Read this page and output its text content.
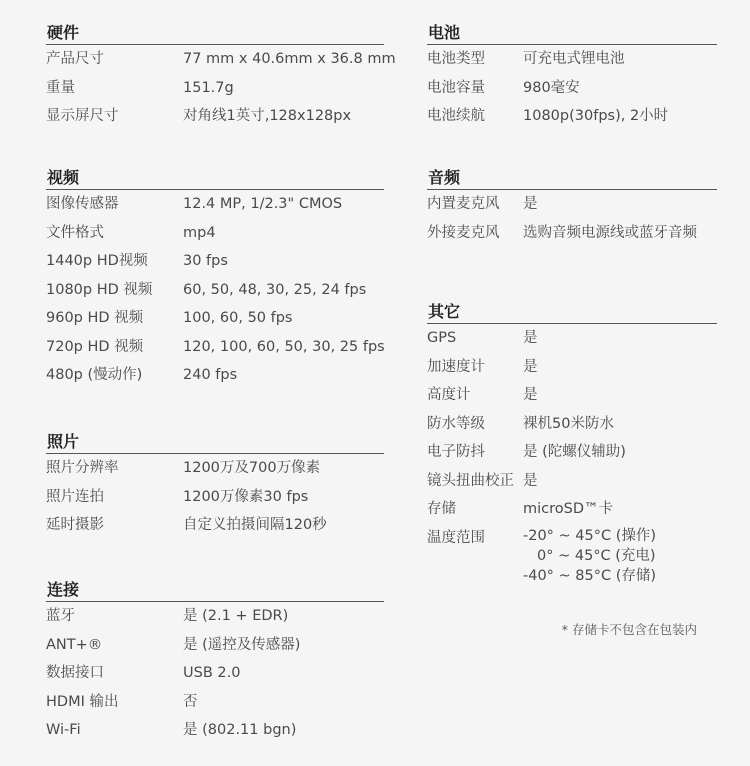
硬件
产品尺寸	77 mm x 40.6mm x 36.8 mm
重量	151.7g
显示屏尺寸	对角线1英寸,128x128px
视频
图像传感器	12.4 MP, 1/2.3" CMOS
文件格式	mp4
1440p HD视频	30 fps
1080p HD 视频	60, 50, 48, 30, 25, 24 fps
960p HD 视频	100, 60, 50 fps
720p HD 视频	120, 100, 60, 50, 30, 25 fps
480p (慢动作)	240 fps
照片
照片分辨率	1200万及700万像素
照片连拍	1200万像素30 fps
延时摄影	自定义拍摄间隔120秒
连接
蓝牙	是 (2.1 + EDR)
ANT+®	是 (遥控及传感器)
数据接口	USB 2.0
HDMI 输出	否
Wi-Fi	是 (802.11 bgn)
电池
电池类型	可充电式锂电池
电池容量	980毫安
电池续航	1080p(30fps), 2小时
音频
内置麦克风	是
外接麦克风	选购音频电源线或蓝牙音频
其它
GPS	是
加速度计	是
高度计	是
防水等级	裸机50米防水
电子防抖	是 (陀螺仪辅助)
镜头扭曲校正 是
存储	microSD™卡
温度范围	-20° ~ 45°C (操作)
0° ~ 45°C (充电)
-40° ~ 85°C (存储)
* 存储卡不包含在包装内
